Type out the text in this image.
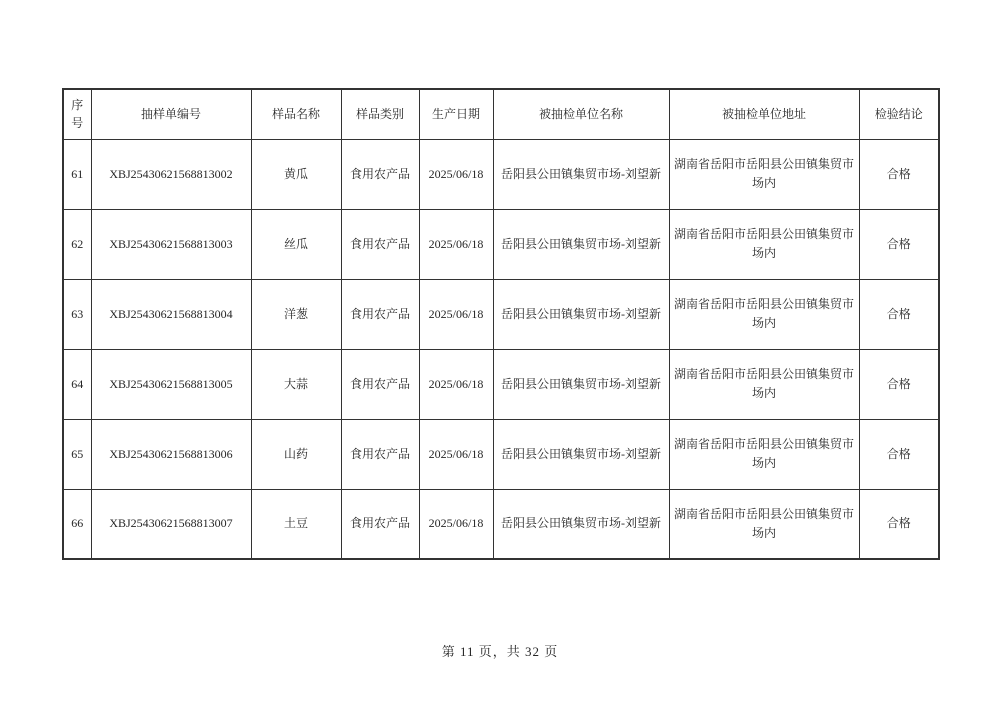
序号	抽样单编号	样品名称	样品类别	生产日期	被抽检单位名称	被抽检单位地址	检验结论
61	XBJ25430621568813002	黄瓜	食用农产品	2025/06/18	岳阳县公田镇集贸市场-刘望新	湖南省岳阳市岳阳县公田镇集贸市场内	合格
62	XBJ25430621568813003	丝瓜	食用农产品	2025/06/18	岳阳县公田镇集贸市场-刘望新	湖南省岳阳市岳阳县公田镇集贸市场内	合格
63	XBJ25430621568813004	洋葱	食用农产品	2025/06/18	岳阳县公田镇集贸市场-刘望新	湖南省岳阳市岳阳县公田镇集贸市场内	合格
64	XBJ25430621568813005	大蒜	食用农产品	2025/06/18	岳阳县公田镇集贸市场-刘望新	湖南省岳阳市岳阳县公田镇集贸市场内	合格
65	XBJ25430621568813006	山药	食用农产品	2025/06/18	岳阳县公田镇集贸市场-刘望新	湖南省岳阳市岳阳县公田镇集贸市场内	合格
66	XBJ25430621568813007	土豆	食用农产品	2025/06/18	岳阳县公田镇集贸市场-刘望新	湖南省岳阳市岳阳县公田镇集贸市场内	合格
第 11 页，共 32 页
